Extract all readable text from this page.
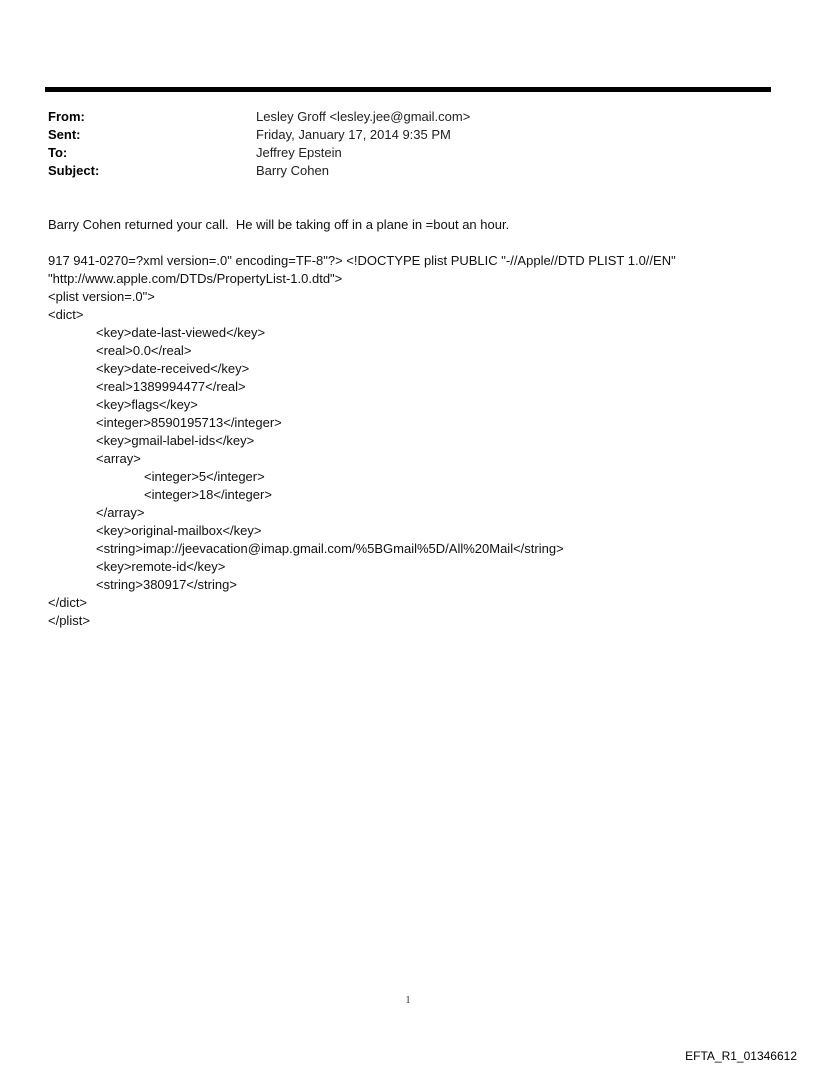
From:	Lesley Groff <lesley.jee@gmail.com>
Sent:	Friday, January 17, 2014 9:35 PM
To:	Jeffrey Epstein
Subject:	Barry Cohen
Barry Cohen returned your call.  He will be taking off in a plane in =bout an hour.
917 941-0270=?xml version=.0" encoding=TF-8"?> <!DOCTYPE plist PUBLIC "-//Apple//DTD PLIST 1.0//EN"
"http://www.apple.com/DTDs/PropertyList-1.0.dtd">
<plist version=.0">
<dict>
<key>date-last-viewed</key>
<real>0.0</real>
<key>date-received</key>
<real>1389994477</real>
<key>flags</key>
<integer>8590195713</integer>
<key>gmail-label-ids</key>
<array>
<integer>5</integer>
<integer>18</integer>
</array>
<key>original-mailbox</key>
<string>imap://jeevacation@imap.gmail.com/%5BGmail%5D/All%20Mail</string>
<key>remote-id</key>
<string>380917</string>
</dict>
</plist>
1
EFTA_R1_01346612
